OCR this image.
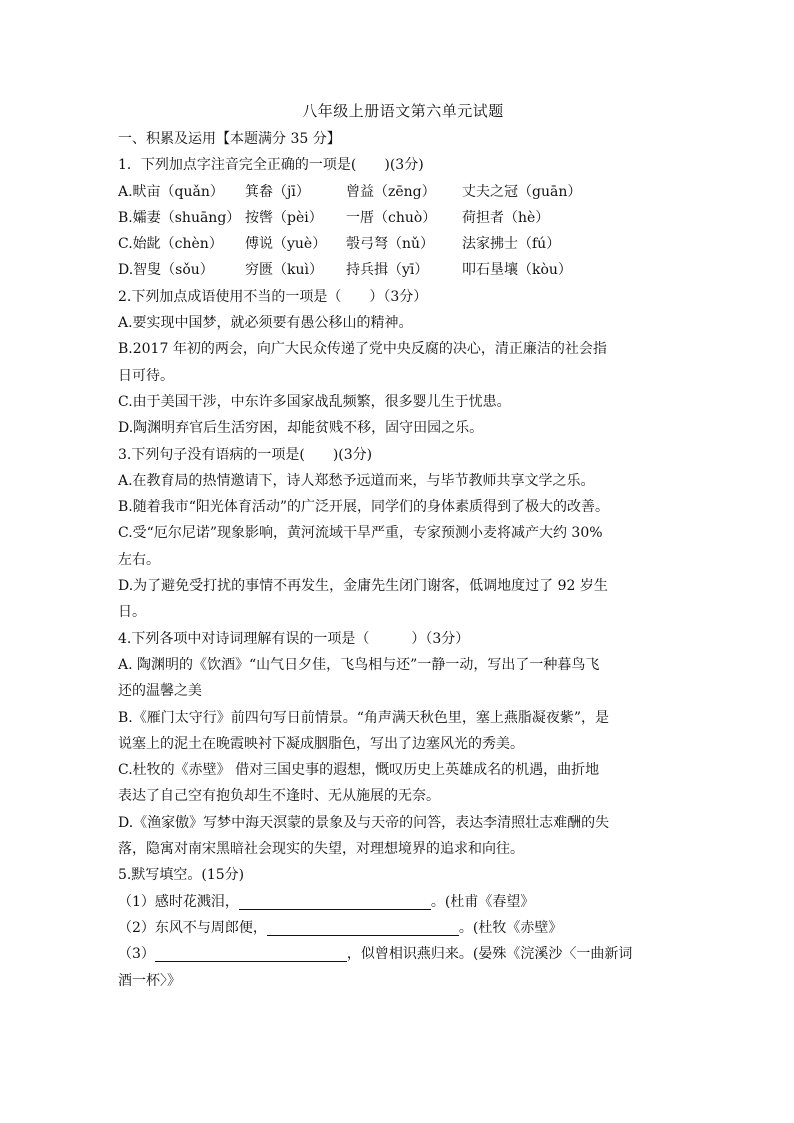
八年级上册语文第六单元试题
一、积累及运用【本题满分 35 分】
1．下列加点字注音完全正确的一项是(　　)(3分)
A.畎亩（quǎn）	箕畚（jī）	曾益（zēng）	丈夫之冠（guān）
B.孀妻（shuāng） 按辔（pèi）	一厝（chuò）	荷担者（hè）
C.始龀（chèn）	傅说（yuè）	彀弓弩（nǔ）	法家拂士（fú）
D.智叟（sǒu）	穷匮（kuì）	持兵揖（yī）	叩石垦壤（kòu）
2.下列加点成语使用不当的一项是（　　）（3分）
A.要实现中国梦，就必须要有愚公移山的精神。
B.2017 年初的两会，向广大民众传递了党中央反腐的决心，清正廉洁的社会指
日可待。
C.由于美国干涉，中东许多国家战乱频繁，很多婴儿生于忧患。
D.陶渊明弃官后生活穷困，却能贫贱不移，固守田园之乐。
3.下列句子没有语病的一项是(　　)(3分)
A.在教育局的热情邀请下，诗人郑愁予远道而来，与毕节教师共享文学之乐。
B.随着我市“阳光体育活动”的广泛开展，同学们的身体素质得到了极大的改善。
C.受“厄尔尼诺”现象影响，黄河流域干旱严重，专家预测小麦将减产大约 30%
左右。
D.为了避免受打扰的事情不再发生，金庸先生闭门谢客，低调地度过了 92 岁生
日。
4.下列各项中对诗词理解有误的一项是（　　　）（3分）
A. 陶渊明的《饮酒》“山气日夕佳，飞鸟相与还”一静一动，写出了一种暮鸟飞
还的温馨之美
B.《雁门太守行》前四句写日前情景。“角声满天秋色里，塞上燕脂凝夜紫”，是
说塞上的泥土在晚霞映衬下凝成胭脂色，写出了边塞风光的秀美。
C.杜牧的《赤壁》 借对三国史事的遐想，慨叹历史上英雄成名的机遇，曲折地
表达了自己空有抱负却生不逢时、无从施展的无奈。
D.《渔家傲》写梦中海天溟蒙的景象及与天帝的问答，表达李清照壮志难酬的失
落，隐寓对南宋黑暗社会现实的失望，对理想境界的追求和向往。
5.默写填空。(15分)
（1）感时花溅泪，	。(杜甫《春望》
（2）东风不与周郎便，	。(杜牧《赤壁》
（3）	，似曾相识燕归来。(晏殊《浣溪沙〈一曲新词
酒一杯〉》
